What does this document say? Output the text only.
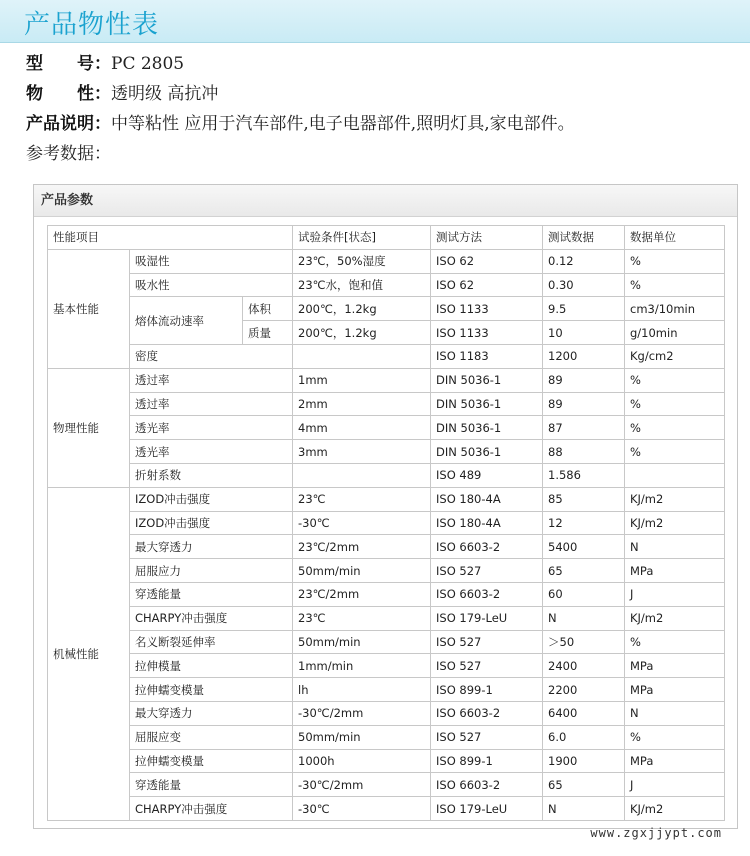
产品物性表
型　　号：PC 2805
物　　性：透明级 高抗冲
产品说明：中等粘性 应用于汽车部件,电子电器部件,照明灯具,家电部件。
参考数据：
产品参数
性能项目			试验条件[状态]	测试方法	测试数据	数据单位
基本性能	吸湿性		23℃，50%湿度	ISO 62	0.12	%
	吸水性		23℃水，饱和值	ISO 62	0.30	%
	熔体流动速率	体积	200℃，1.2kg	ISO 1133	9.5	cm3/10min
		质量	200℃，1.2kg	ISO 1133	10	g/10min
	密度			ISO 1183	1200	Kg/cm2
物理性能	透过率		1mm	DIN 5036-1	89	%
	透过率		2mm	DIN 5036-1	89	%
	透光率		4mm	DIN 5036-1	87	%
	透光率		3mm	DIN 5036-1	88	%
	折射系数			ISO 489	1.586	
机械性能	IZOD冲击强度		23℃	ISO 180-4A	85	KJ/m2
	IZOD冲击强度		-30℃	ISO 180-4A	12	KJ/m2
	最大穿透力		23℃/2mm	ISO 6603-2	5400	N
	屈服应力		50mm/min	ISO 527	65	MPa
	穿透能量		23℃/2mm	ISO 6603-2	60	J
	CHARPY冲击强度		23℃	ISO 179-LeU	N	KJ/m2
	名义断裂延伸率		50mm/min	ISO 527	＞50	%
	拉伸模量		1mm/min	ISO 527	2400	MPa
	拉伸蠕变模量		lh	ISO 899-1	2200	MPa
	最大穿透力		-30℃/2mm	ISO 6603-2	6400	N
	屈服应变		50mm/min	ISO 527	6.0	%
	拉伸蠕变模量		1000h	ISO 899-1	1900	MPa
	穿透能量		-30℃/2mm	ISO 6603-2	65	J
	CHARPY冲击强度		-30℃	ISO 179-LeU	N	KJ/m2
www.zgxjjypt.com
